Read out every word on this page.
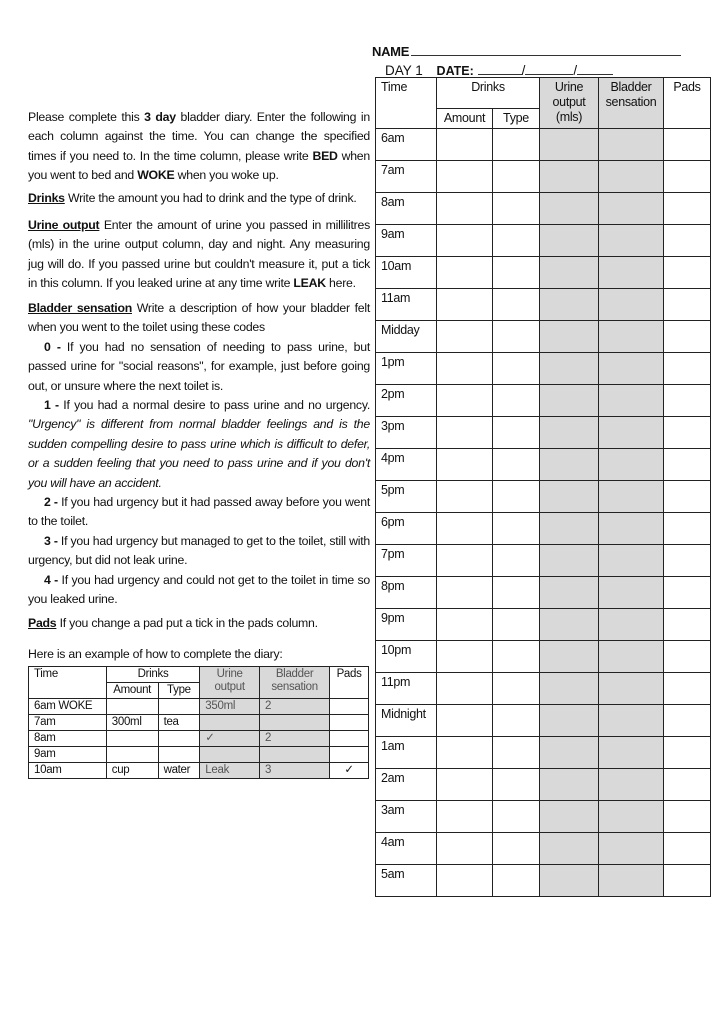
NAME
DAY 1 DATE:	/	/
Please complete this 3 day bladder diary. Enter the following in each column against the time. You can change the specified times if you need to. In the time column, please write BED when you went to bed and WOKE when you woke up.
Drinks Write the amount you had to drink and the type of drink.
Urine output Enter the amount of urine you passed in millilitres (mls) in the urine output column, day and night. Any measuring jug will do. If you passed urine but couldn't measure it, put a tick in this column. If you leaked urine at any time write LEAK here.
Bladder sensation Write a description of how your bladder felt when you went to the toilet using these codes
0 - If you had no sensation of needing to pass urine, but passed urine for "social reasons", for example, just before going out, or unsure where the next toilet is.
1 - If you had a normal desire to pass urine and no urgency. "Urgency" is different from normal bladder feelings and is the sudden compelling desire to pass urine which is difficult to defer, or a sudden feeling that you need to pass urine and if you don't you will have an accident.
2 - If you had urgency but it had passed away before you went to the toilet.
3 - If you had urgency but managed to get to the toilet, still with urgency, but did not leak urine.
4 - If you had urgency and could not get to the toilet in time so you leaked urine.
Pads If you change a pad put a tick in the pads column.
Here is an example of how to complete the diary:
Time	Drinks		Urine output	Bladder sensation	Pads
	Amount	Type			
6am WOKE			350ml	2	
7am	300ml	tea			
8am			✓	2	
9am					
10am	cup	water	Leak	3	✓
Time	Drinks		Urine output (mls)	Bladder sensation	Pads
	Amount	Type			
6am					
7am					
8am					
9am					
10am					
11am					
Midday					
1pm					
2pm					
3pm					
4pm					
5pm					
6pm					
7pm					
8pm					
9pm					
10pm					
11pm					
Midnight					
1am					
2am					
3am					
4am					
5am					
